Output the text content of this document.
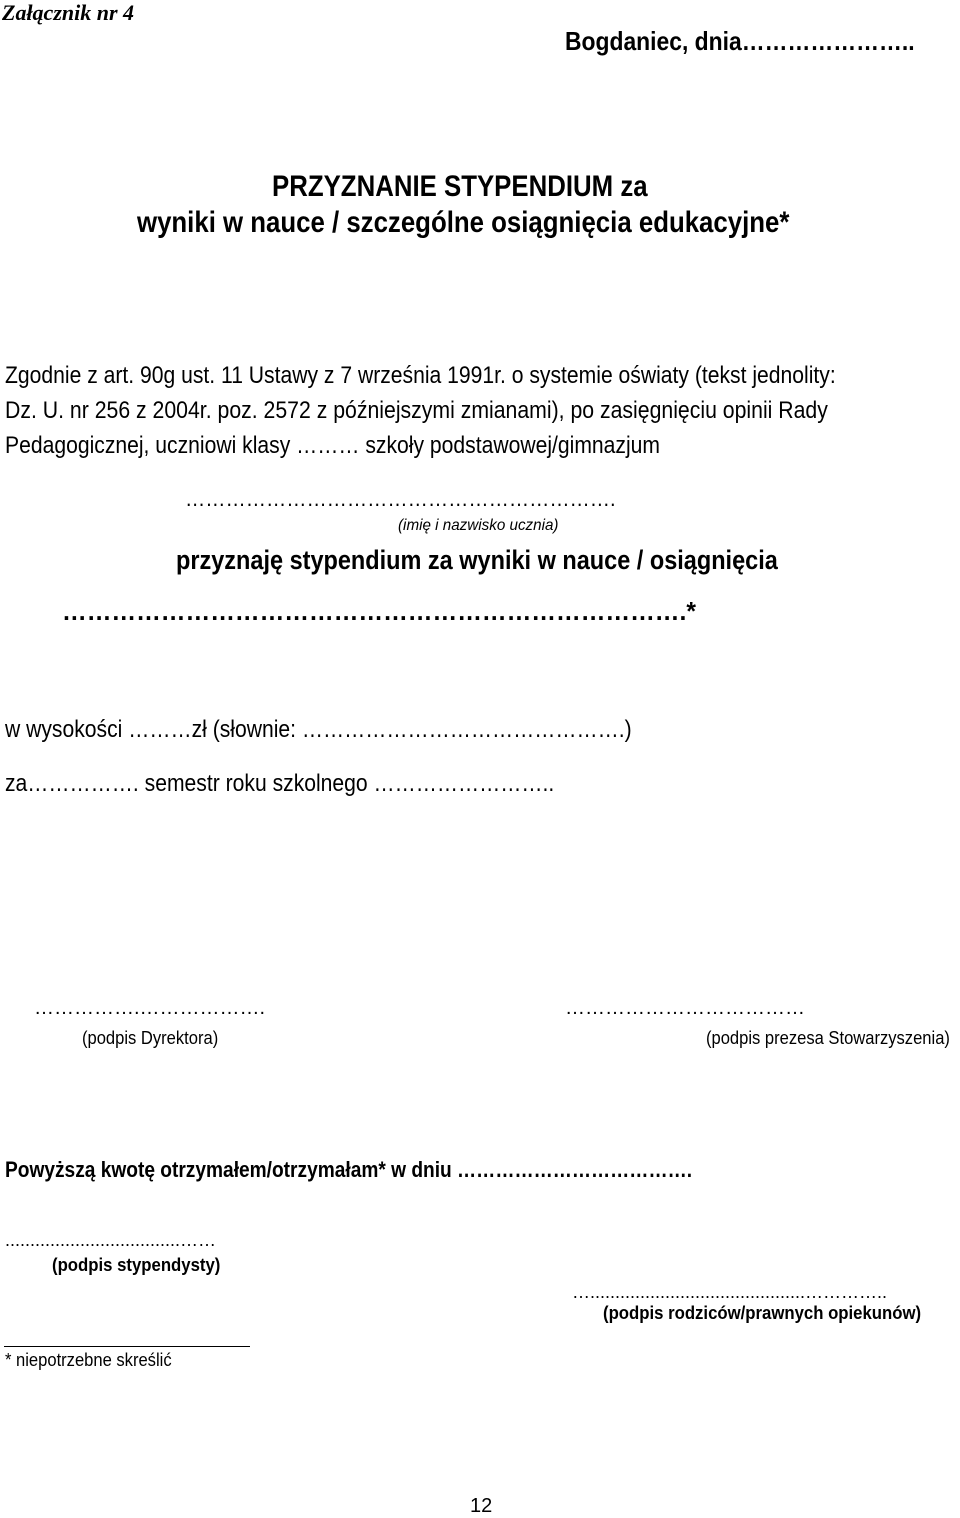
Załącznik nr 4
Bogdaniec, dnia…………………..
PRZYZNANIE STYPENDIUM za
wyniki w nauce / szczególne osiągnięcia edukacyjne*
Zgodnie z art. 90g ust. 11 Ustawy z 7 września 1991r. o systemie oświaty (tekst jednolity:
Dz. U. nr 256 z 2004r. poz. 2572 z późniejszymi zmianami), po zasięgnięciu opinii Rady
Pedagogicznej, uczniowi klasy ……… szkoły podstawowej/gimnazjum
……………………………………………………….
(imię i nazwisko ucznia)
przyznaję stypendium za wyniki w nauce / osiągnięcia
………………………………………………………………….*
w wysokości ………zł (słownie: ……………………………………….)
za……………. semestr roku szkolnego ……………………..
…………….……………….
(podpis Dyrektora)
………………………………
(podpis prezesa Stowarzyszenia)
Powyższą kwotę otrzymałem/otrzymałam* w dniu ……………………………….
...................................……
(podpis stypendysty)
…...........................................…………..
(podpis rodziców/prawnych opiekunów)
* niepotrzebne skreślić
12
